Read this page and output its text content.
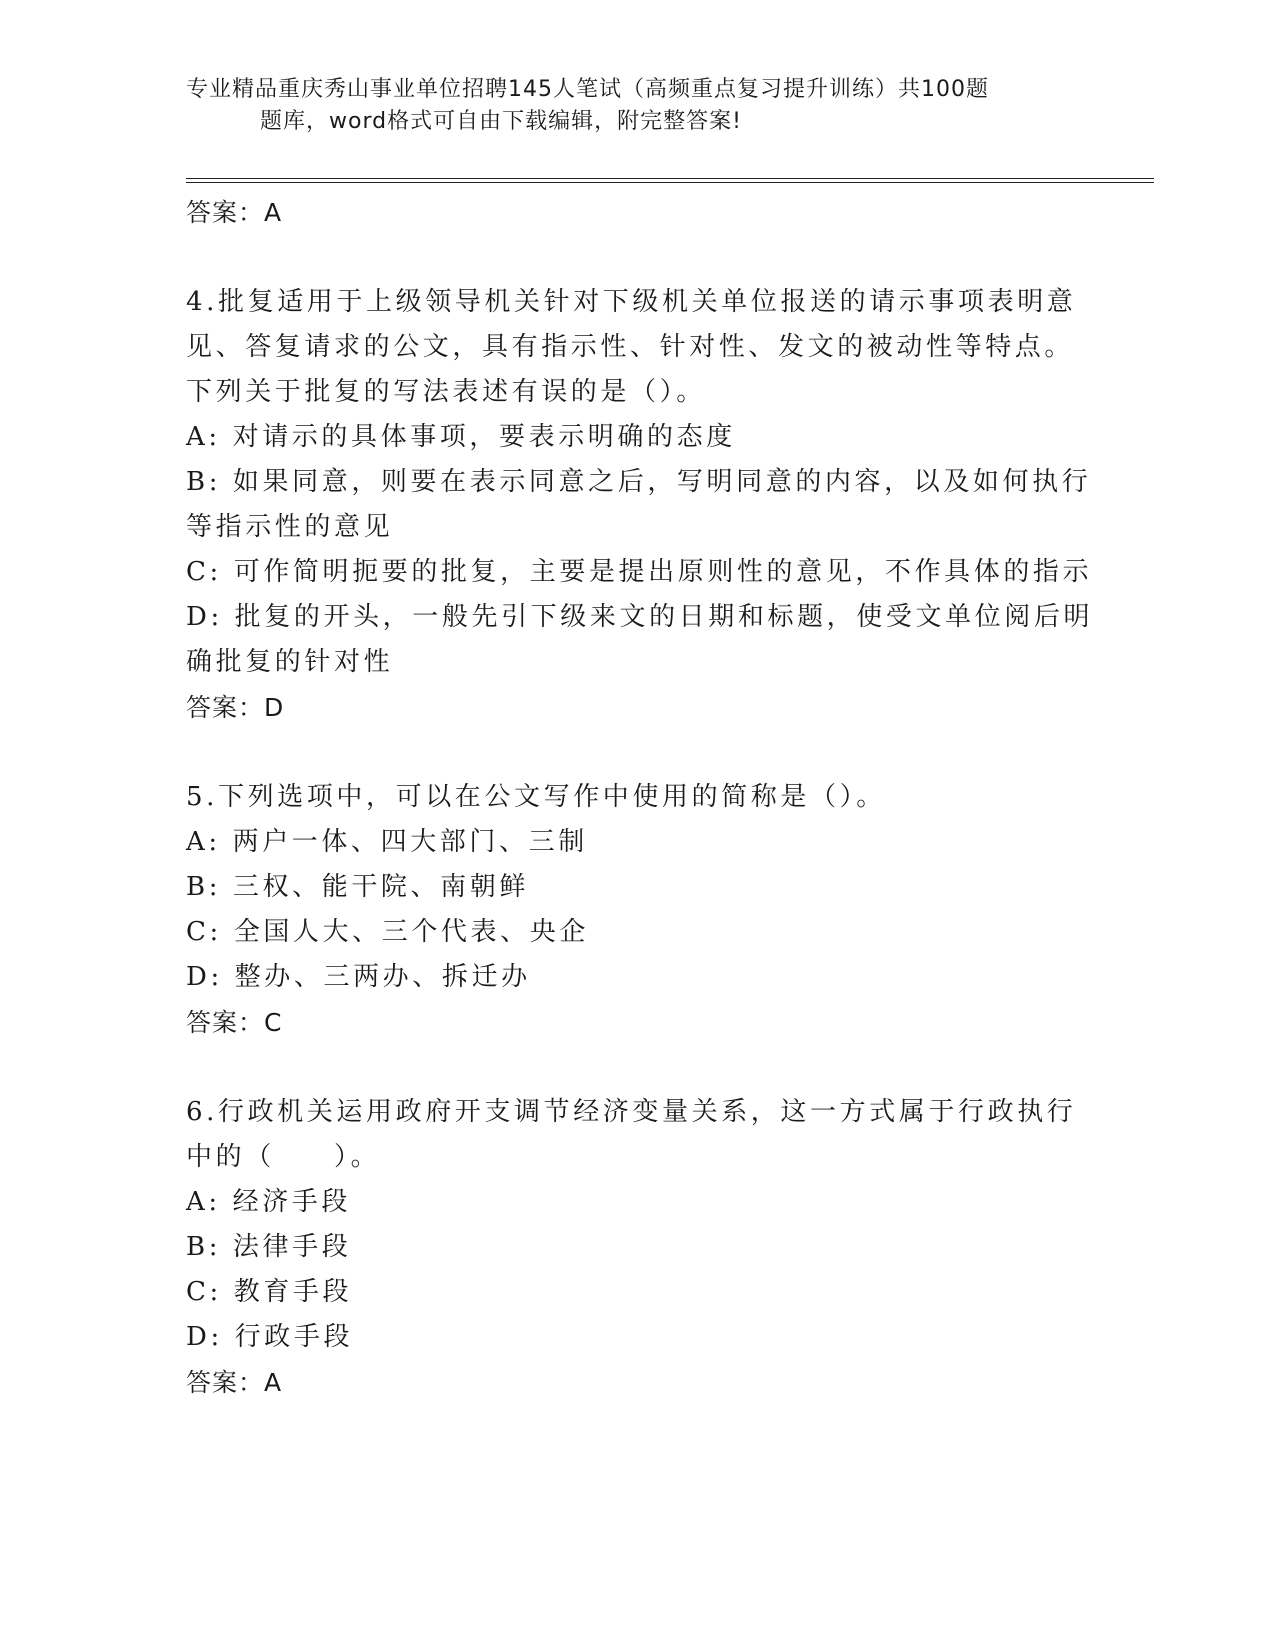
专业精品重庆秀山事业单位招聘145人笔试（高频重点复习提升训练）共100题
题库，word格式可自由下载编辑，附完整答案!
答案：A
4.批复适用于上级领导机关针对下级机关单位报送的请示事项表明意
见、答复请求的公文，具有指示性、针对性、发文的被动性等特点。
下列关于批复的写法表述有误的是（）。
A: 对请示的具体事项，要表示明确的态度
B: 如果同意，则要在表示同意之后，写明同意的内容，以及如何执行
等指示性的意见
C: 可作简明扼要的批复，主要是提出原则性的意见，不作具体的指示
D: 批复的开头，一般先引下级来文的日期和标题，使受文单位阅后明
确批复的针对性
答案：D
5.下列选项中，可以在公文写作中使用的简称是（）。
A: 两户一体、四大部门、三制
B: 三权、能干院、南朝鲜
C: 全国人大、三个代表、央企
D: 整办、三两办、拆迁办
答案：C
6.行政机关运用政府开支调节经济变量关系，这一方式属于行政执行
中的（　　）。
A: 经济手段
B: 法律手段
C: 教育手段
D: 行政手段
答案：A
